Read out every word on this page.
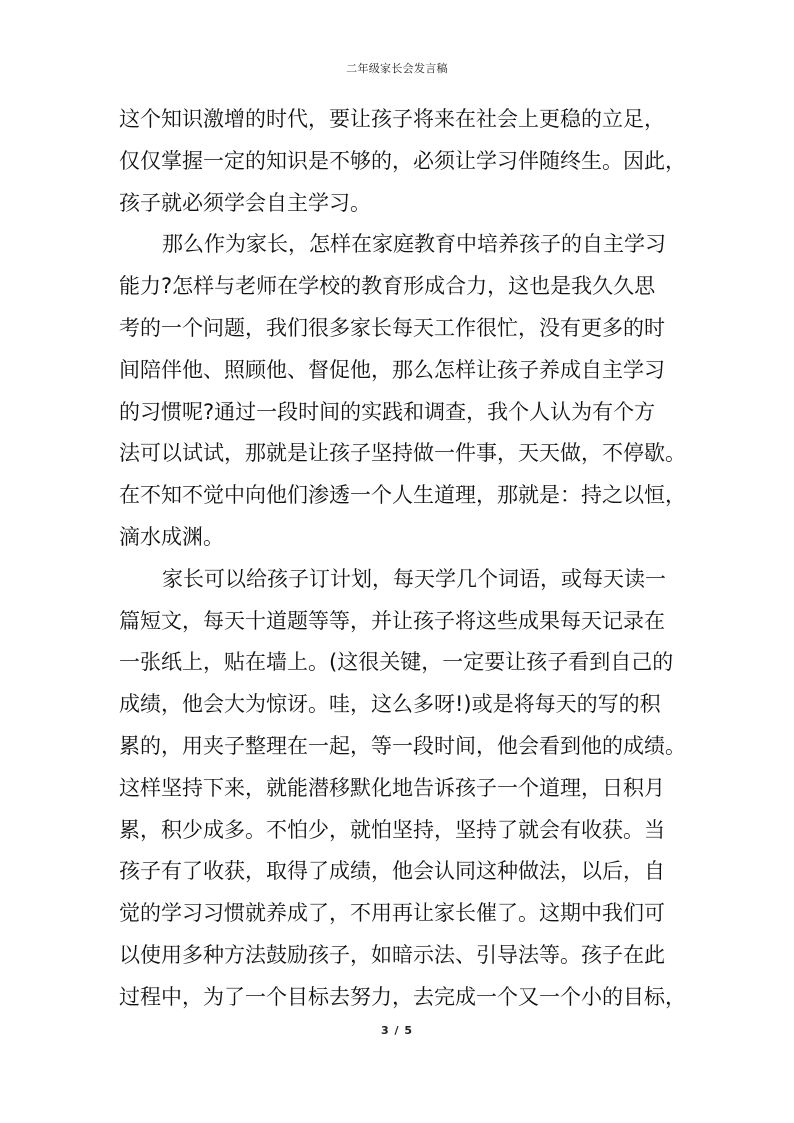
二年级家长会发言稿
这个知识激增的时代，要让孩子将来在社会上更稳的立足，
仅仅掌握一定的知识是不够的，必须让学习伴随终生。因此，
孩子就必须学会自主学习。
那么作为家长，怎样在家庭教育中培养孩子的自主学习
能力?怎样与老师在学校的教育形成合力，这也是我久久思
考的一个问题，我们很多家长每天工作很忙，没有更多的时
间陪伴他、照顾他、督促他，那么怎样让孩子养成自主学习
的习惯呢?通过一段时间的实践和调查，我个人认为有个方
法可以试试，那就是让孩子坚持做一件事，天天做，不停歇。
在不知不觉中向他们渗透一个人生道理，那就是：持之以恒，
滴水成渊。
家长可以给孩子订计划，每天学几个词语，或每天读一
篇短文，每天十道题等等，并让孩子将这些成果每天记录在
一张纸上，贴在墙上。(这很关键，一定要让孩子看到自己的
成绩，他会大为惊讶。哇，这么多呀!)或是将每天的写的积
累的，用夹子整理在一起，等一段时间，他会看到他的成绩。
这样坚持下来，就能潜移默化地告诉孩子一个道理，日积月
累，积少成多。不怕少，就怕坚持，坚持了就会有收获。当
孩子有了收获，取得了成绩，他会认同这种做法，以后，自
觉的学习习惯就养成了，不用再让家长催了。这期中我们可
以使用多种方法鼓励孩子，如暗示法、引导法等。孩子在此
过程中，为了一个目标去努力，去完成一个又一个小的目标，
3 / 5
